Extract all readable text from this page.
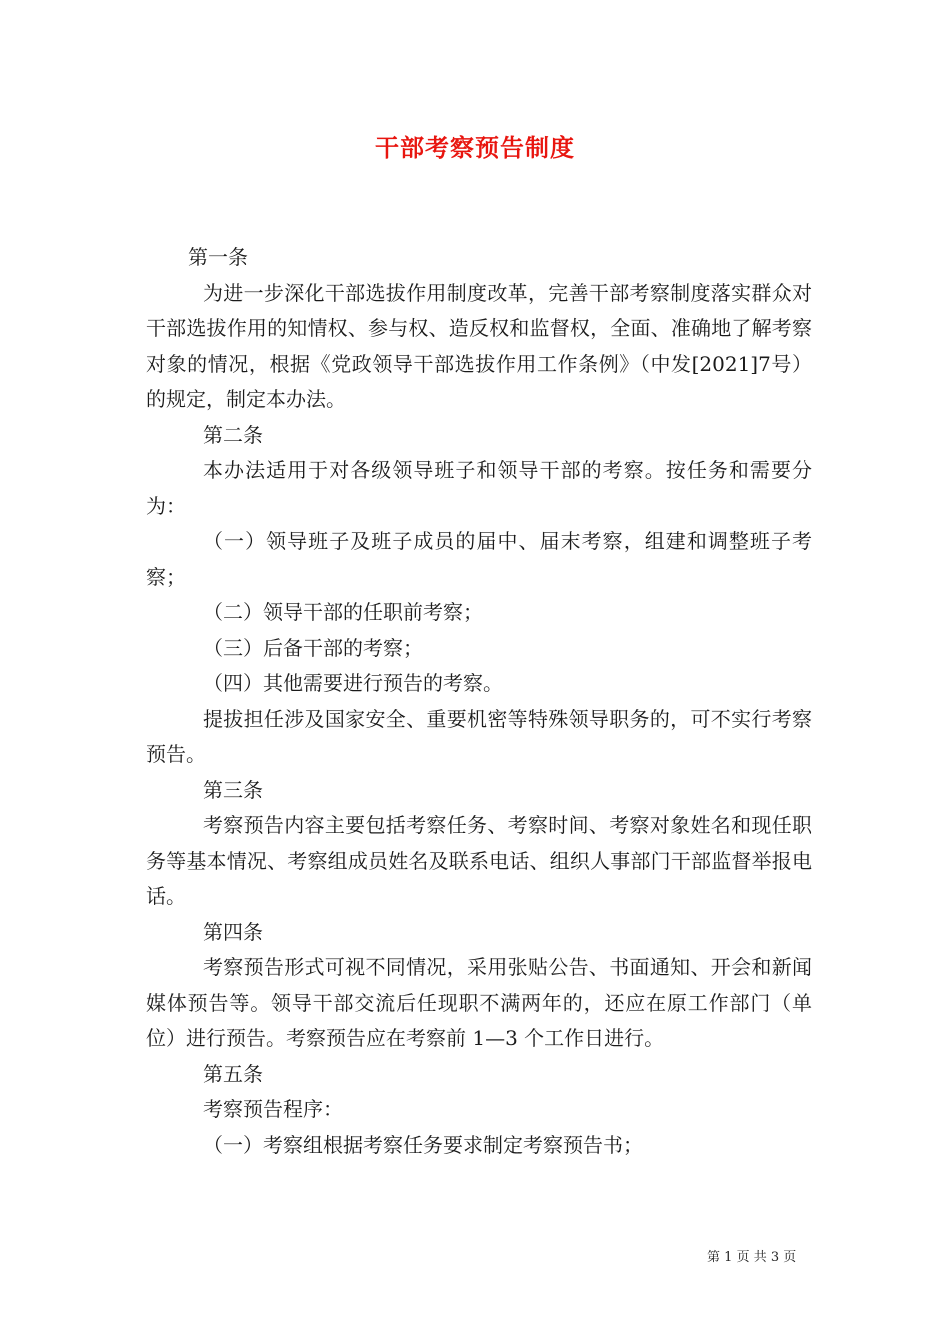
干部考察预告制度

第一条

为进一步深化干部选拔作用制度改革，完善干部考察制度落实群众对干部选拔作用的知情权、参与权、造反权和监督权，全面、准确地了解考察对象的情况，根据《党政领导干部选拔作用工作条例》（中发[2021]7号）的规定，制定本办法。

第二条

本办法适用于对各级领导班子和领导干部的考察。按任务和需要分为：

（一）领导班子及班子成员的届中、届末考察，组建和调整班子考察；

（二）领导干部的任职前考察；

（三）后备干部的考察；

（四）其他需要进行预告的考察。

提拔担任涉及国家安全、重要机密等特殊领导职务的，可不实行考察预告。

第三条

考察预告内容主要包括考察任务、考察时间、考察对象姓名和现任职务等基本情况、考察组成员姓名及联系电话、组织人事部门干部监督举报电话。

第四条

考察预告形式可视不同情况，采用张贴公告、书面通知、开会和新闻媒体预告等。领导干部交流后任现职不满两年的，还应在原工作部门（单位）进行预告。考察预告应在考察前 1—3 个工作日进行。

第五条

考察预告程序：

（一）考察组根据考察任务要求制定考察预告书；

第 1 页 共 3 页
